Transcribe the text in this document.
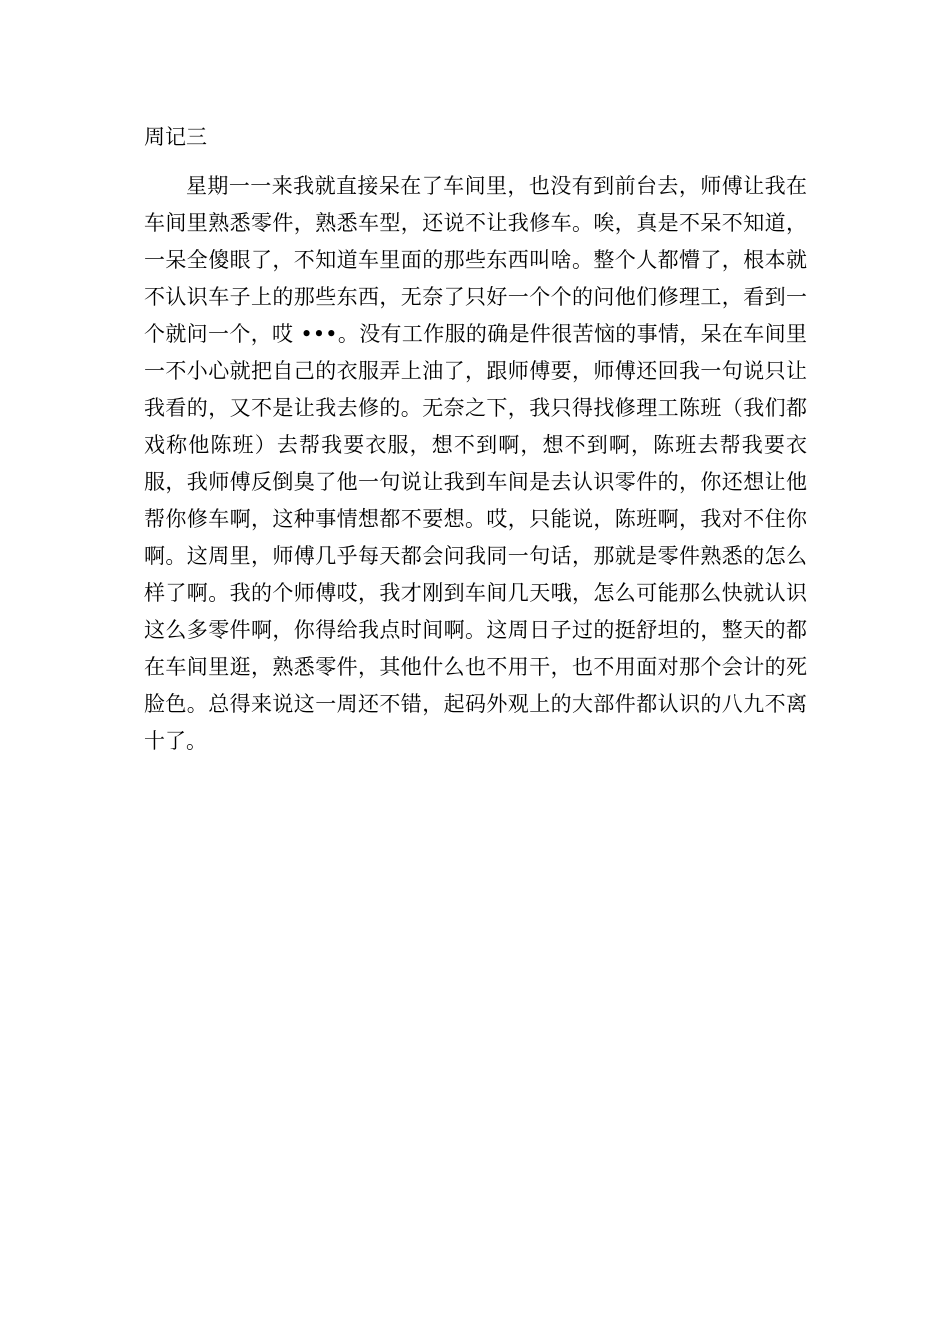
周记三

星期一一来我就直接呆在了车间里，也没有到前台去，师傅让我在车间里熟悉零件，熟悉车型，还说不让我修车。唉，真是不呆不知道，一呆全傻眼了，不知道车里面的那些东西叫啥。整个人都懵了，根本就不认识车子上的那些东西，无奈了只好一个个的问他们修理工，看到一个就问一个，哎 •••。没有工作服的确是件很苦恼的事情，呆在车间里一不小心就把自己的衣服弄上油了，跟师傅要，师傅还回我一句说只让我看的，又不是让我去修的。无奈之下，我只得找修理工陈班（我们都戏称他陈班）去帮我要衣服，想不到啊，想不到啊，陈班去帮我要衣服，我师傅反倒臭了他一句说让我到车间是去认识零件的，你还想让他帮你修车啊，这种事情想都不要想。哎，只能说，陈班啊，我对不住你啊。这周里，师傅几乎每天都会问我同一句话，那就是零件熟悉的怎么样了啊。我的个师傅哎，我才刚到车间几天哦，怎么可能那么快就认识这么多零件啊，你得给我点时间啊。这周日子过的挺舒坦的，整天的都在车间里逛，熟悉零件，其他什么也不用干，也不用面对那个会计的死脸色。总得来说这一周还不错，起码外观上的大部件都认识的八九不离十了。
